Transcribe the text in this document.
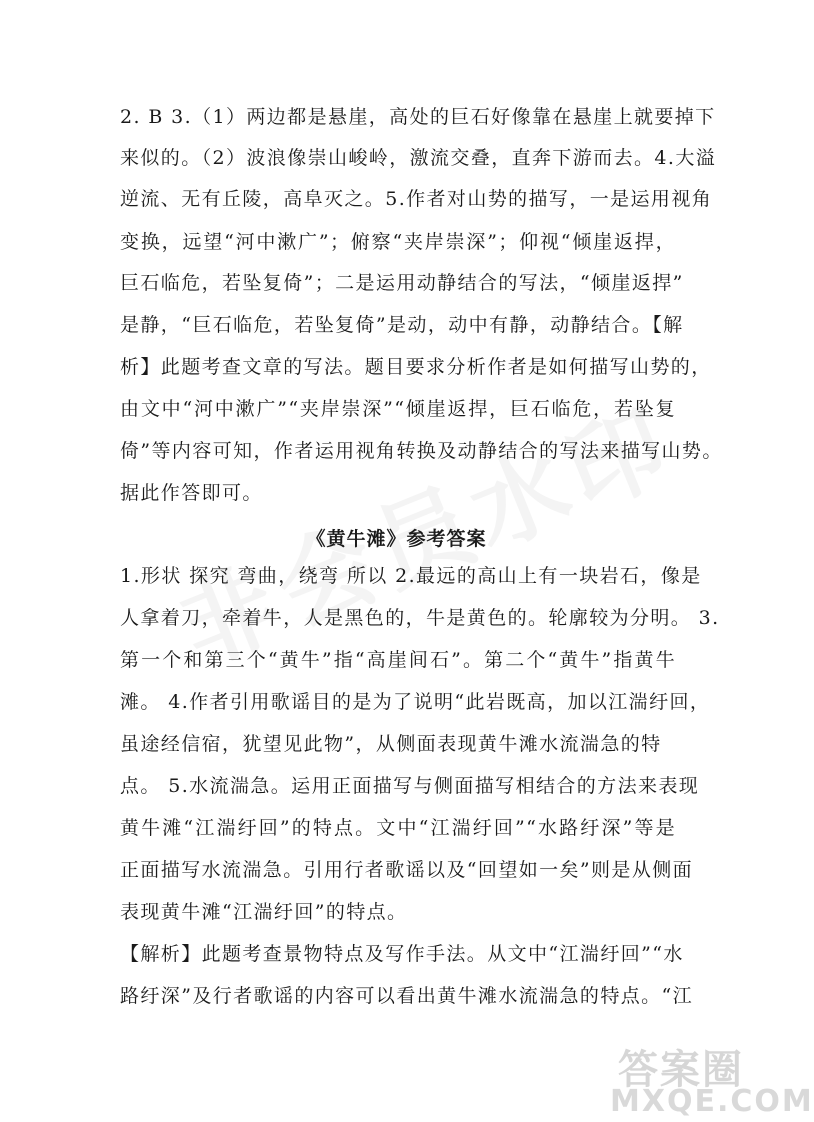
2. B 3.（1）两边都是悬崖，高处的巨石好像靠在悬崖上就要掉下
来似的。（2）波浪像崇山峻岭，激流交叠，直奔下游而去。4.大溢
逆流、无有丘陵，高阜灭之。5.作者对山势的描写，一是运用视角
变换，远望“河中漱广”；俯察“夹岸崇深”；仰视“倾崖返捍，
巨石临危，若坠复倚”；二是运用动静结合的写法，“倾崖返捍”
是静，“巨石临危，若坠复倚”是动，动中有静，动静结合。【解
析】此题考查文章的写法。题目要求分析作者是如何描写山势的，
由文中“河中漱广”“夹岸崇深”“倾崖返捍，巨石临危，若坠复
倚”等内容可知，作者运用视角转换及动静结合的写法来描写山势。
据此作答即可。
《黄牛滩》参考答案
1.形状 探究 弯曲，绕弯 所以 2.最远的高山上有一块岩石，像是
人拿着刀，牵着牛，人是黑色的，牛是黄色的。轮廓较为分明。 3.
第一个和第三个“黄牛”指“高崖间石”。第二个“黄牛”指黄牛
滩。 4.作者引用歌谣目的是为了说明“此岩既高，加以江湍纡回，
虽途经信宿，犹望见此物”，从侧面表现黄牛滩水流湍急的特
点。 5.水流湍急。运用正面描写与侧面描写相结合的方法来表现
黄牛滩“江湍纡回”的特点。文中“江湍纡回”“水路纡深”等是
正面描写水流湍急。引用行者歌谣以及“回望如一矣”则是从侧面
表现黄牛滩“江湍纡回”的特点。
【解析】此题考查景物特点及写作手法。从文中“江湍纡回”“水
路纡深”及行者歌谣的内容可以看出黄牛滩水流湍急的特点。“江
答案圈
MXQE.COM
